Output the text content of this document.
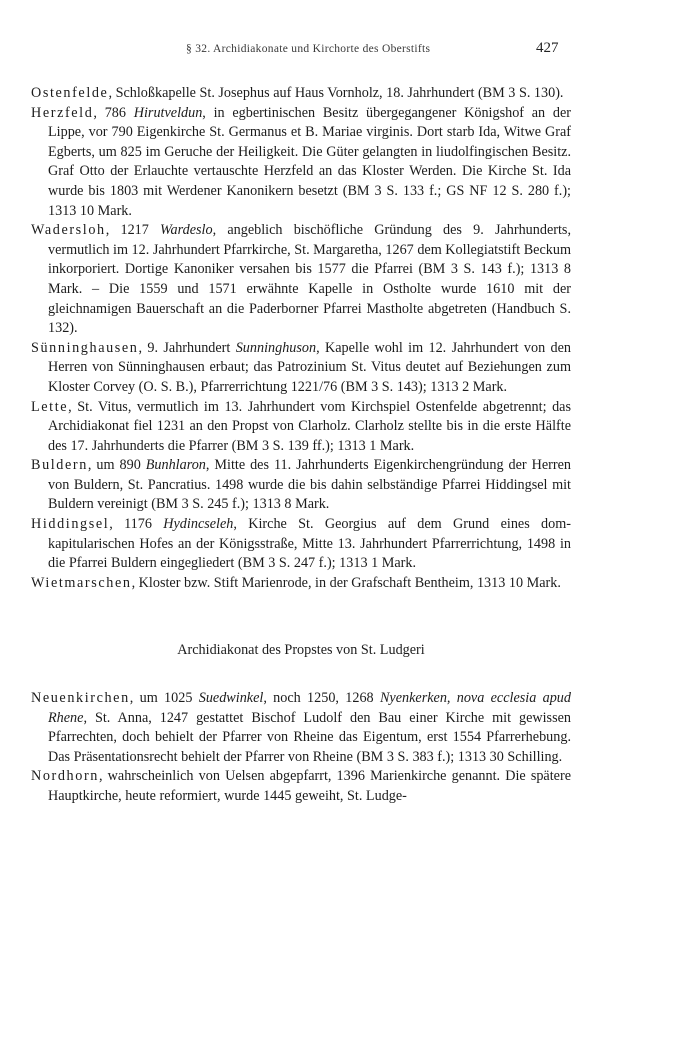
§ 32. Archidiakonate und Kirchorte des Oberstifts	427

Ostenfelde, Schloßkapelle St. Josephus auf Haus Vornholz, 18. Jahrhundert (BM 3 S. 130).

Herzfeld, 786 Hirutveldun, in egbertinischen Besitz übergegangener Königshof an der Lippe, vor 790 Eigenkirche St. Germanus et B. Mariae virginis. Dort starb Ida, Witwe Graf Egberts, um 825 im Geruche der Heiligkeit. Die Güter gelangten in liudolfingischen Besitz. Graf Otto der Erlauchte vertauschte Herzfeld an das Kloster Werden. Die Kirche St. Ida wurde bis 1803 mit Werdener Kanonikern besetzt (BM 3 S. 133 f.; GS NF 12 S. 280 f.); 1313 10 Mark.

Wadersloh, 1217 Wardeslo, angeblich bischöfliche Gründung des 9. Jahrhunderts, vermutlich im 12. Jahrhundert Pfarrkirche, St. Margaretha, 1267 dem Kollegiatstift Beckum inkorporiert. Dortige Kanoniker versahen bis 1577 die Pfarrei (BM 3 S. 143 f.); 1313 8 Mark. – Die 1559 und 1571 erwähnte Kapelle in Ostholte wurde 1610 mit der gleichnamigen Bauerschaft an die Paderborner Pfarrei Mastholte abgetreten (Handbuch S. 132).

Sünninghausen, 9. Jahrhundert Sunninghuson, Kapelle wohl im 12. Jahrhundert von den Herren von Sünninghausen erbaut; das Patrozinium St. Vitus deutet auf Beziehungen zum Kloster Corvey (O. S. B.), Pfarrerrichtung 1221/76 (BM 3 S. 143); 1313 2 Mark.

Lette, St. Vitus, vermutlich im 13. Jahrhundert vom Kirchspiel Ostenfelde abgetrennt; das Archidiakonat fiel 1231 an den Propst von Clarholz. Clarholz stellte bis in die erste Hälfte des 17. Jahrhunderts die Pfarrer (BM 3 S. 139 ff.); 1313 1 Mark.

Buldern, um 890 Bunhlaron, Mitte des 11. Jahrhunderts Eigenkirchengründung der Herren von Buldern, St. Pancratius. 1498 wurde die bis dahin selbständige Pfarrei Hiddingsel mit Buldern vereinigt (BM 3 S. 245 f.); 1313 8 Mark.

Hiddingsel, 1176 Hydincseleh, Kirche St. Georgius auf dem Grund eines domkapitularischen Hofes an der Königsstraße, Mitte 13. Jahrhundert Pfarrerrichtung, 1498 in die Pfarrei Buldern eingegliedert (BM 3 S. 247 f.); 1313 1 Mark.

Wietmarschen, Kloster bzw. Stift Marienrode, in der Grafschaft Bentheim, 1313 10 Mark.

Archidiakonat des Propstes von St. Ludgeri

Neuenkirchen, um 1025 Suedwinkel, noch 1250, 1268 Nyenkerken, nova ecclesia apud Rhene, St. Anna, 1247 gestattet Bischof Ludolf den Bau einer Kirche mit gewissen Pfarrechten, doch behielt der Pfarrer von Rheine das Eigentum, erst 1554 Pfarrerhebung. Das Präsentationsrecht behielt der Pfarrer von Rheine (BM 3 S. 383 f.); 1313 30 Schilling.

Nordhorn, wahrscheinlich von Uelsen abgepfarrt, 1396 Marienkirche genannt. Die spätere Hauptkirche, heute reformiert, wurde 1445 geweiht, St. Ludge-
